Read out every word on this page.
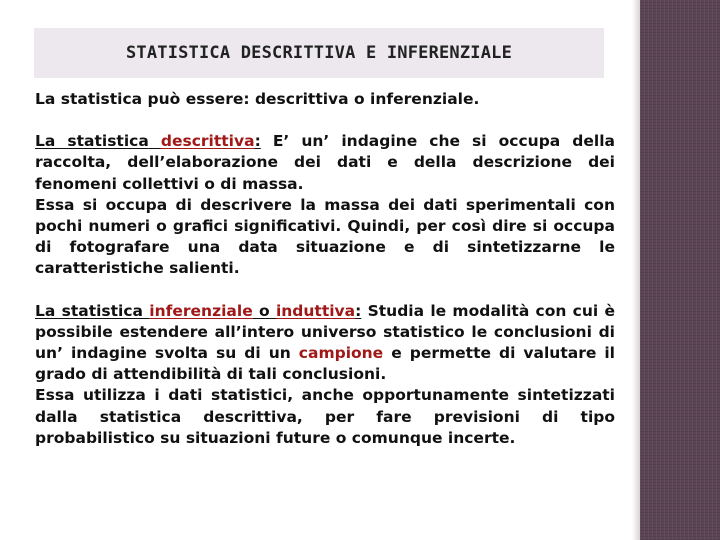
STATISTICA DESCRITTIVA E INFERENZIALE

La statistica può essere: descrittiva o inferenziale.

La statistica descrittiva: E’ un’ indagine che si occupa della raccolta, dell’elaborazione dei dati e della descrizione dei fenomeni collettivi o di massa.

Essa si occupa di descrivere la massa dei dati sperimentali con pochi numeri o grafici significativi. Quindi, per così dire si occupa di fotografare una data situazione e di sintetizzarne le caratteristiche salienti.

La statistica inferenziale o induttiva: Studia le modalità con cui è possibile estendere all’intero universo statistico le conclusioni di un’ indagine svolta su di un campione e permette di valutare il grado di attendibilità di tali conclusioni.

Essa utilizza i dati statistici, anche opportunamente sintetizzati dalla statistica descrittiva, per fare previsioni di tipo probabilistico su situazioni future o comunque incerte.
